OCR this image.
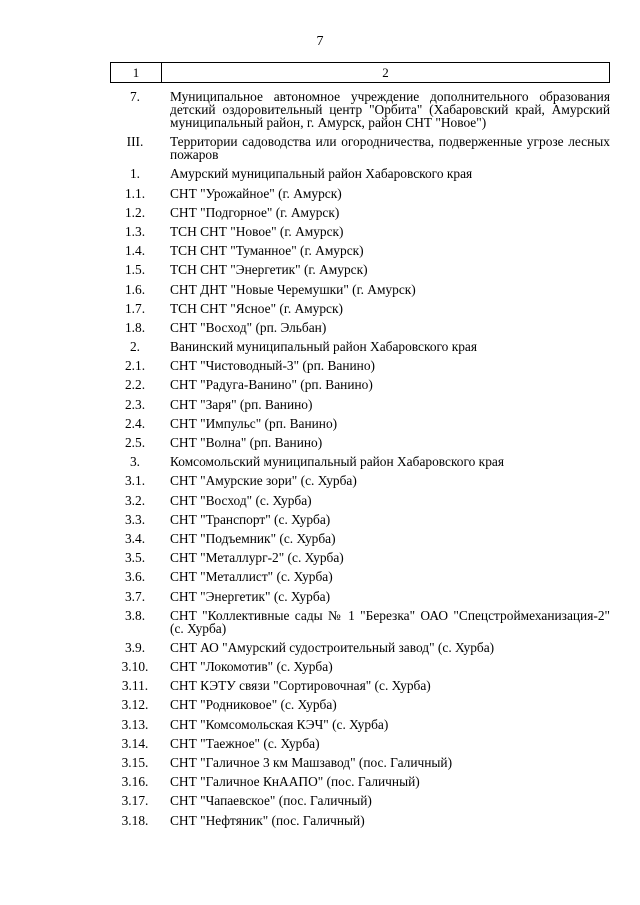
7
1	2
7.	Муниципальное автономное учреждение дополнительного образования детский оздоровительный центр "Орбита" (Хабаровский край, Амурский муниципальный район, г. Амурск, район СНТ "Новое")
III.	Территории садоводства или огородничества, подверженные угрозе лесных пожаров
1.	Амурский муниципальный район Хабаровского края
1.1.	СНТ "Урожайное" (г. Амурск)
1.2.	СНТ "Подгорное" (г. Амурск)
1.3.	ТСН СНТ "Новое" (г. Амурск)
1.4.	ТСН СНТ "Туманное" (г. Амурск)
1.5.	ТСН СНТ "Энергетик" (г. Амурск)
1.6.	СНТ ДНТ "Новые Черемушки" (г. Амурск)
1.7.	ТСН СНТ "Ясное" (г. Амурск)
1.8.	СНТ "Восход" (рп. Эльбан)
2.	Ванинский муниципальный район Хабаровского края
2.1.	СНТ "Чистоводный-3" (рп. Ванино)
2.2.	СНТ "Радуга-Ванино" (рп. Ванино)
2.3.	СНТ "Заря" (рп. Ванино)
2.4.	СНТ "Импульс" (рп. Ванино)
2.5.	СНТ "Волна" (рп. Ванино)
3.	Комсомольский муниципальный район Хабаровского края
3.1.	СНТ "Амурские зори" (с. Хурба)
3.2.	СНТ "Восход" (с. Хурба)
3.3.	СНТ "Транспорт" (с. Хурба)
3.4.	СНТ "Подъемник" (с. Хурба)
3.5.	СНТ "Металлург-2" (с. Хурба)
3.6.	СНТ "Металлист" (с. Хурба)
3.7.	СНТ "Энергетик" (с. Хурба)
3.8.	СНТ "Коллективные сады № 1 "Березка" ОАО "Спецстроймеханизация-2" (с. Хурба)
3.9.	СНТ АО "Амурский судостроительный завод" (с. Хурба)
3.10.	СНТ "Локомотив" (с. Хурба)
3.11.	СНТ КЭТУ связи "Сортировочная" (с. Хурба)
3.12.	СНТ "Родниковое" (с. Хурба)
3.13.	СНТ "Комсомольская КЭЧ" (с. Хурба)
3.14.	СНТ "Таежное" (с. Хурба)
3.15.	СНТ "Галичное 3 км Машзавод" (пос. Галичный)
3.16.	СНТ "Галичное КнААПО" (пос. Галичный)
3.17.	СНТ "Чапаевское" (пос. Галичный)
3.18.	СНТ "Нефтяник" (пос. Галичный)
